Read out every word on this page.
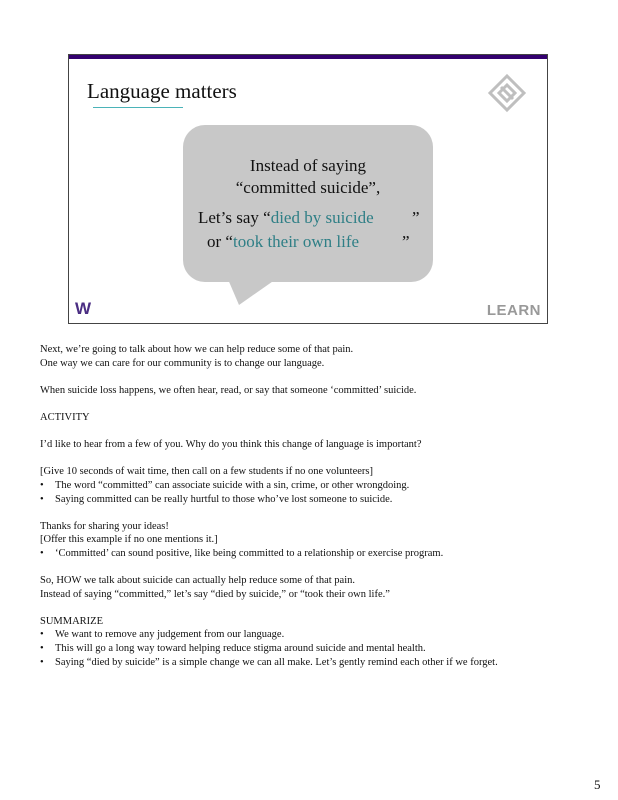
Language matters
Instead of saying
“committed suicide”,
Let’s say “died by suicide ”
or “took their own life	”
W	LEARN

Next, we’re going to talk about how we can help reduce some of that pain.

One way we can care for our community is to change our language.

When suicide loss happens, we often hear, read, or say that someone ‘committed’ suicide.

ACTIVITY

I’d like to hear from a few of you. Why do you think this change of language is important?

[Give 10 seconds of wait time, then call on a few students if no one volunteers]

• The word “committed” can associate suicide with a sin, crime, or other wrongdoing.

• Saying committed can be really hurtful to those who’ve lost someone to suicide.

Thanks for sharing your ideas!

[Offer this example if no one mentions it.]

• ‘Committed’ can sound positive, like being committed to a relationship or exercise program.

So, HOW we talk about suicide can actually help reduce some of that pain.

Instead of saying “committed,” let’s say “died by suicide,” or “took their own life.”

SUMMARIZE

• We want to remove any judgement from our language.

• This will go a long way toward helping reduce stigma around suicide and mental health.

• Saying “died by suicide” is a simple change we can all make. Let’s gently remind each other if we forget.

5
